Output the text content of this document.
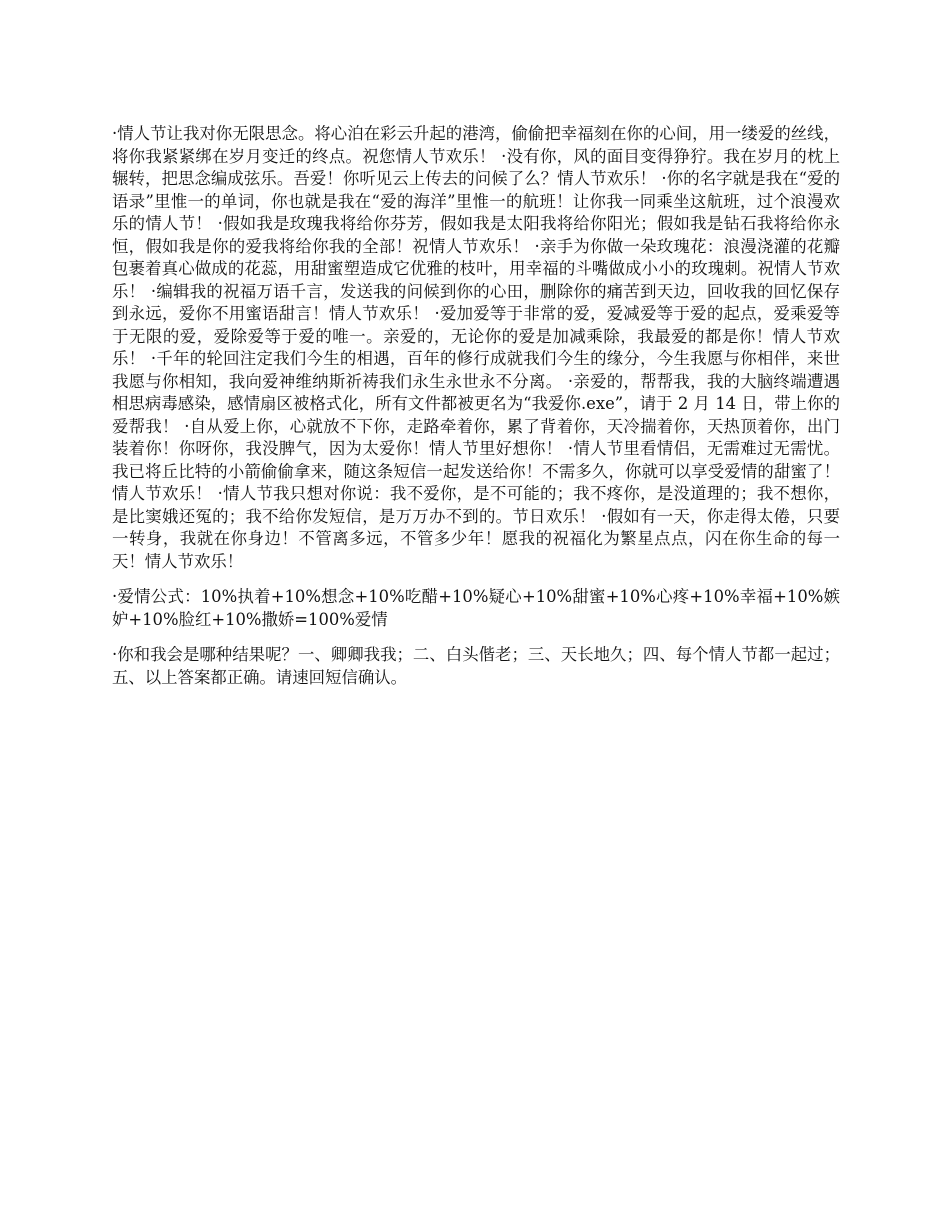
·情人节让我对你无限思念。将心泊在彩云升起的港湾，偷偷把幸福刻在你的心间，用一缕爱的丝线，将你我紧紧绑在岁月变迁的终点。祝您情人节欢乐！ ·没有你，风的面目变得狰狞。我在岁月的枕上辗转，把思念编成弦乐。吾爱！你听见云上传去的问候了么？情人节欢乐！ ·你的名字就是我在“爱的语录”里惟一的单词，你也就是我在“爱的海洋”里惟一的航班！让你我一同乘坐这航班，过个浪漫欢乐的情人节！ ·假如我是玫瑰我将给你芬芳，假如我是太阳我将给你阳光；假如我是钻石我将给你永恒，假如我是你的爱我将给你我的全部！祝情人节欢乐！ ·亲手为你做一朵玫瑰花：浪漫浇灌的花瓣包裹着真心做成的花蕊，用甜蜜塑造成它优雅的枝叶，用幸福的斗嘴做成小小的玫瑰刺。祝情人节欢乐！ ·编辑我的祝福万语千言，发送我的问候到你的心田，删除你的痛苦到天边，回收我的回忆保存到永远，爱你不用蜜语甜言！情人节欢乐！ ·爱加爱等于非常的爱，爱减爱等于爱的起点，爱乘爱等于无限的爱，爱除爱等于爱的唯一。亲爱的，无论你的爱是加减乘除，我最爱的都是你！情人节欢乐！ ·千年的轮回注定我们今生的相遇，百年的修行成就我们今生的缘分，今生我愿与你相伴，来世我愿与你相知，我向爱神维纳斯祈祷我们永生永世永不分离。 ·亲爱的，帮帮我，我的大脑终端遭遇相思病毒感染，感情扇区被格式化，所有文件都被更名为“我爱你.exe”，请于 2 月 14 日，带上你的爱帮我！ ·自从爱上你，心就放不下你，走路牵着你，累了背着你，天冷揣着你，天热顶着你，出门装着你！你呀你，我没脾气，因为太爱你！情人节里好想你！ ·情人节里看情侣，无需难过无需忧。我已将丘比特的小箭偷偷拿来，随这条短信一起发送给你！不需多久，你就可以享受爱情的甜蜜了！情人节欢乐！ ·情人节我只想对你说：我不爱你，是不可能的；我不疼你，是没道理的；我不想你，是比窦娥还冤的；我不给你发短信，是万万办不到的。节日欢乐！ ·假如有一天，你走得太倦，只要一转身，我就在你身边！不管离多远，不管多少年！愿我的祝福化为繁星点点，闪在你生命的每一天！情人节欢乐！

·爱情公式：10%执着+10%想念+10%吃醋+10%疑心+10%甜蜜+10%心疼+10%幸福+10%嫉妒+10%脸红+10%撒娇=100%爱情

·你和我会是哪种结果呢？一、卿卿我我；二、白头偕老；三、天长地久；四、每个情人节都一起过；五、以上答案都正确。请速回短信确认。
